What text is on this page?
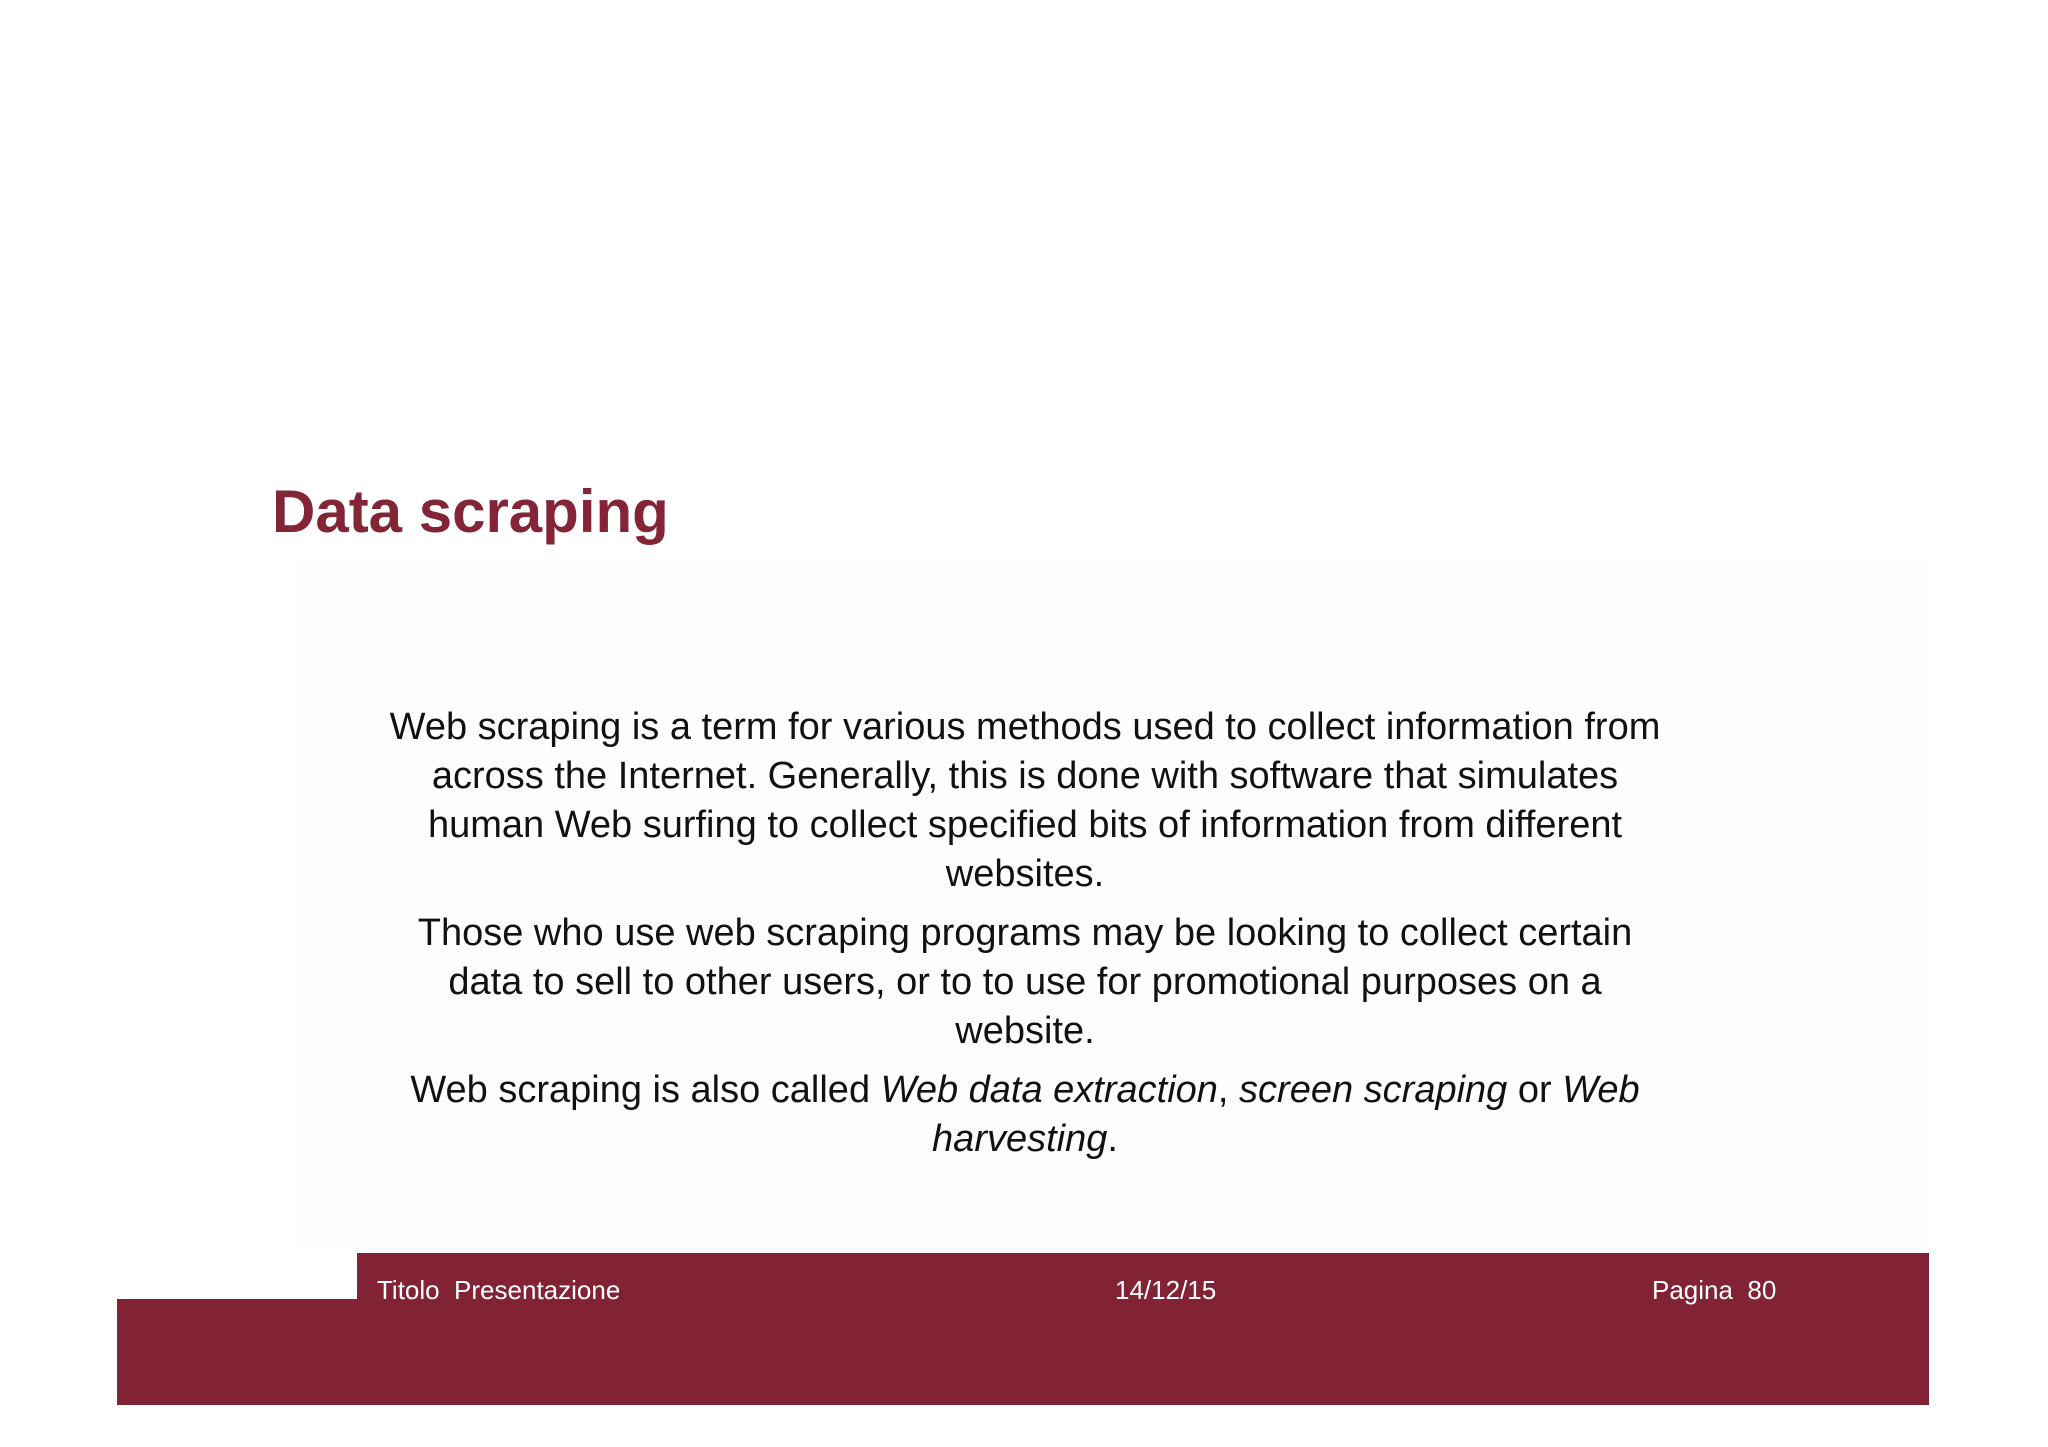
Data scraping

Web scraping is a term for various methods used to collect information from across the Internet. Generally, this is done with software that simulates human Web surfing to collect specified bits of information from different websites.

Those who use web scraping programs may be looking to collect certain data to sell to other users, or to to use for promotional purposes on a website.

Web scraping is also called Web data extraction, screen scraping or Web harvesting.

Titolo  Presentazione	14/12/15	Pagina  80
